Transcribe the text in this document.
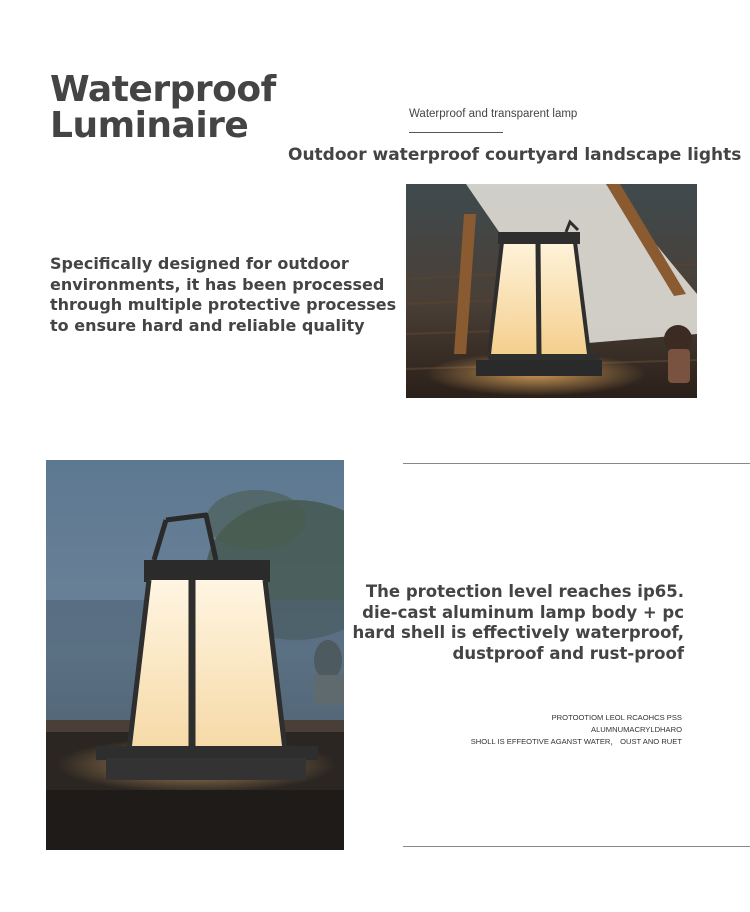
Waterproof
Luminaire	Waterproof and transparent lamp
Outdoor waterproof courtyard landscape lights
Specifically designed for outdoor
environments, it has been processed
through multiple protective processes
to ensure hard and reliable quality
The protection level reaches ip65.
die-cast aluminum lamp body + pc
hard shell is effectively waterproof,
dustproof and rust-proof
PROTOOTIOM LEOL RCAOHCS PSS
ALUMNUMACRYLDHARO
SHOLL IS EFFEOTIVE AGANST WATER， OUST ANO RUET
